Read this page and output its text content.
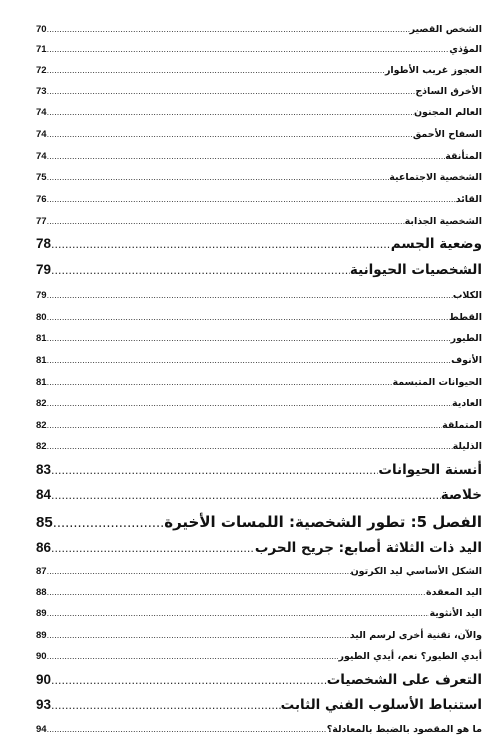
الشخص القصير
.....
70
المؤذي
.....
71
العجوز غريب الأطوار
.....
72
الأخرق الساذج
.....
73
العالم المجنون
.....
74
السفاح الأحمق
.....
74
المتأنقة
.....
74
الشخصية الاجتماعية
.....
75
القائد
.....
76
الشخصية الجذابة
.....
77
وضعية الجسم
.....
78
الشخصيات الحيوانية
.....
79
الكلاب
.....
79
القطط
.....
80
الطيور
.....
81
الأنوف
.....
81
الحيوانات المتبسمة
.....
81
العادية
.....
82
المتملقة
.....
82
الذليلة
.....
82
أنسنة الحيوانات
.....
83
خلاصة
.....
84
الفصل 5: تطور الشخصية: اللمسات الأخيرة
.....
85
اليد ذات الثلاثة أصابع: جريح الحرب
.....
86
الشكل الأساسي ليد الكرتون
.....
87
اليد المعقدة
.....
88
اليد الأنثوية
.....
89
والآن، تقنية أخرى لرسم اليد
.....
89
أيدي الطيور؟ نعم، أيدي الطيور
.....
90
التعرف على الشخصيات
.....
90
استنباط الأسلوب الفني الثابت
.....
93
ما هو المقصود بالضبط بالمعادلة؟
.....
94
